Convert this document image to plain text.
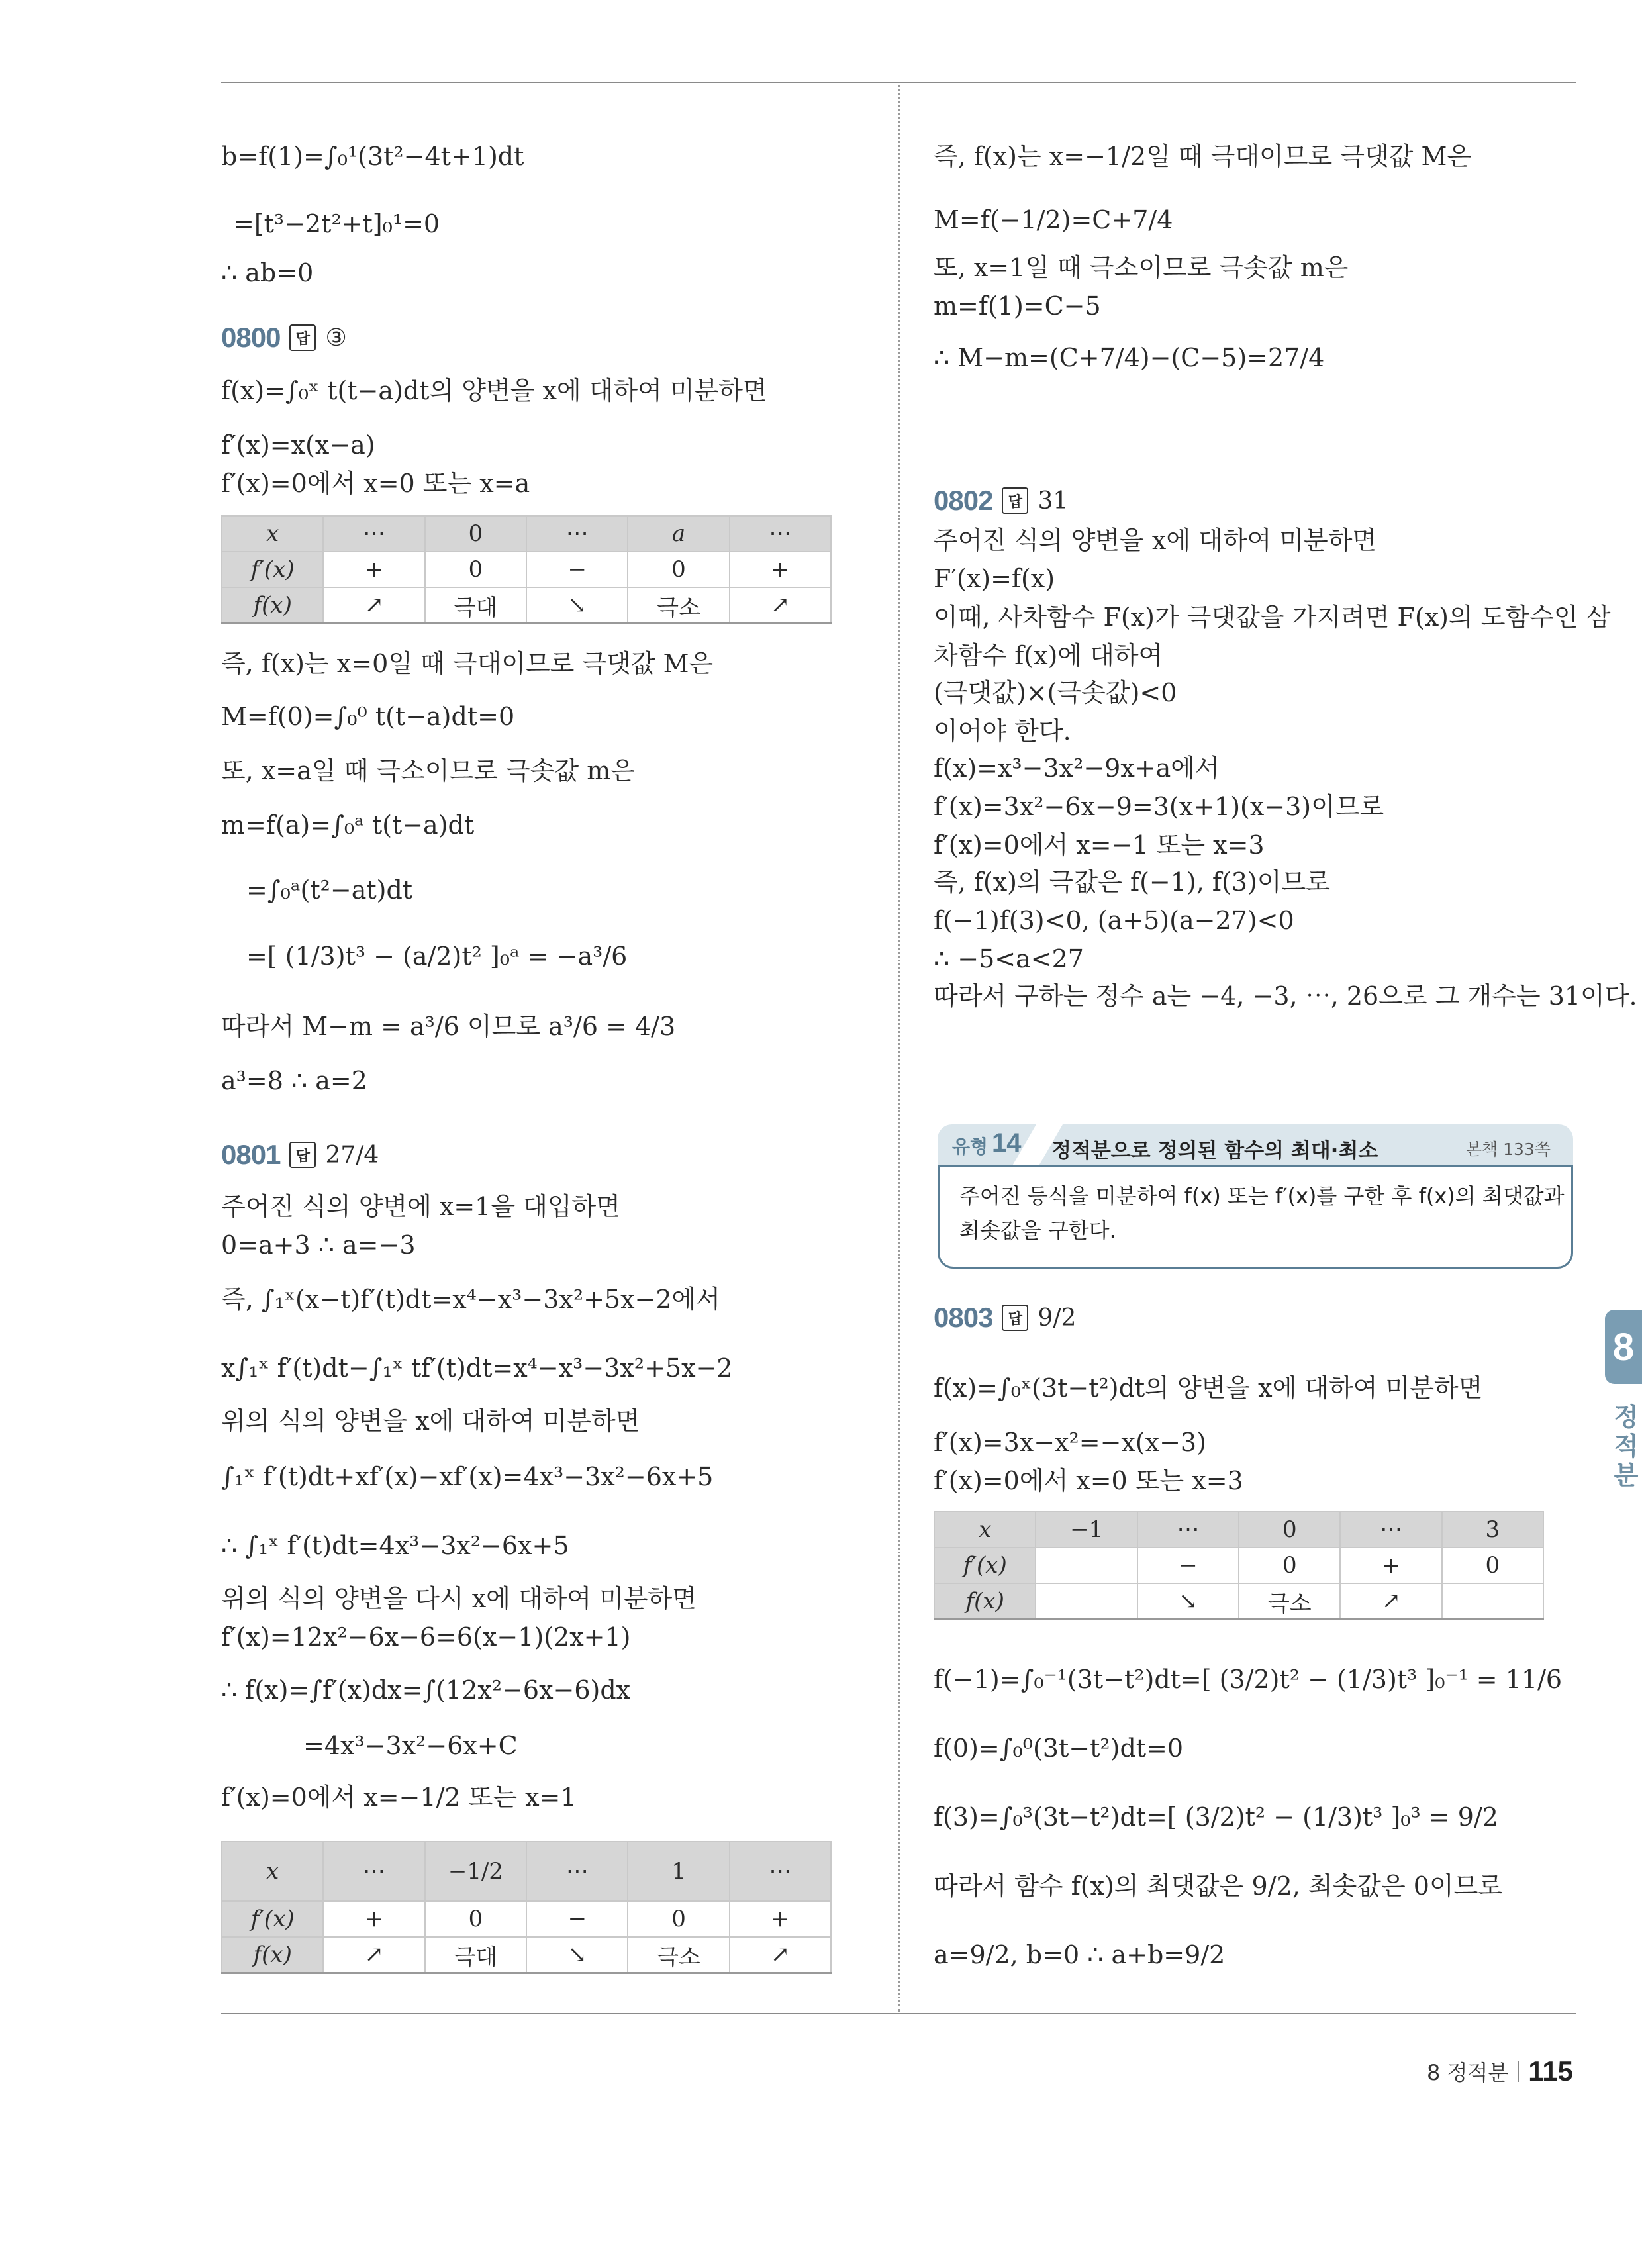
b=f(1)=∫₀¹(3t²−4t+1)dt
=[t³−2t²+t]₀¹=0
∴ ab=0
0800	답 ③
f(x)=∫₀ˣ t(t−a)dt의 양변을 x에 대하여 미분하면
f′(x)=x(x−a)
f′(x)=0에서 x=0 또는 x=a
x	⋯	0	⋯	a	⋯
f′(x)	+	0	−	0	+
f(x)	↗	극대	↘	극소	↗
즉, f(x)는 x=0일 때 극대이므로 극댓값 M은
M=f(0)=∫₀⁰ t(t−a)dt=0
또, x=a일 때 극소이므로 극솟값 m은
m=f(a)=∫₀ᵃ t(t−a)dt
=∫₀ᵃ(t²−at)dt
=[ (1/3)t³ − (a/2)t² ]₀ᵃ = −a³/6
따라서 M−m = a³/6 이므로 a³/6 = 4/3
a³=8 ∴ a=2
0801	답 27/4
주어진 식의 양변에 x=1을 대입하면
0=a+3 ∴ a=−3
즉, ∫₁ˣ(x−t)f′(t)dt=x⁴−x³−3x²+5x−2에서
x∫₁ˣ f′(t)dt−∫₁ˣ tf′(t)dt=x⁴−x³−3x²+5x−2
위의 식의 양변을 x에 대하여 미분하면
∫₁ˣ f′(t)dt+xf′(x)−xf′(x)=4x³−3x²−6x+5
∴ ∫₁ˣ f′(t)dt=4x³−3x²−6x+5
위의 식의 양변을 다시 x에 대하여 미분하면
f′(x)=12x²−6x−6=6(x−1)(2x+1)
∴ f(x)=∫f′(x)dx=∫(12x²−6x−6)dx
=4x³−3x²−6x+C
f′(x)=0에서 x=−1/2 또는 x=1
x	⋯	−1/2	⋯	1	⋯
f′(x)	+	0	−	0	+
f(x)	↗	극대	↘	극소	↗
즉, f(x)는 x=−1/2일 때 극대이므로 극댓값 M은
M=f(−1/2)=C+7/4
또, x=1일 때 극소이므로 극솟값 m은
m=f(1)=C−5
∴ M−m=(C+7/4)−(C−5)=27/4
0802	답 31
주어진 식의 양변을 x에 대하여 미분하면
F′(x)=f(x)
이때, 사차함수 F(x)가 극댓값을 가지려면 F(x)의 도함수인 삼
차함수 f(x)에 대하여
(극댓값)×(극솟값)<0
이어야 한다.
f(x)=x³−3x²−9x+a에서
f′(x)=3x²−6x−9=3(x+1)(x−3)이므로
f′(x)=0에서 x=−1 또는 x=3
즉, f(x)의 극값은 f(−1), f(3)이므로
f(−1)f(3)<0, (a+5)(a−27)<0
∴ −5<a<27
따라서 구하는 정수 a는 −4, −3, ⋯, 26으로 그 개수는 31이다.
유형 14 정적분으로 정의된 함수의 최대·최소	본책 133쪽
주어진 등식을 미분하여 f(x) 또는 f′(x)를 구한 후 f(x)의 최댓값과
최솟값을 구한다.
0803	답 9/2
f(x)=∫₀ˣ(3t−t²)dt의 양변을 x에 대하여 미분하면
f′(x)=3x−x²=−x(x−3)
f′(x)=0에서 x=0 또는 x=3
x	−1	⋯	0	⋯	3
f′(x)		−	0	+	0
f(x)		↘	극소	↗	
f(−1)=∫₀⁻¹(3t−t²)dt=[ (3/2)t² − (1/3)t³ ]₀⁻¹ = 11/6
f(0)=∫₀⁰(3t−t²)dt=0
f(3)=∫₀³(3t−t²)dt=[ (3/2)t² − (1/3)t³ ]₀³ = 9/2
따라서 함수 f(x)의 최댓값은 9/2, 최솟값은 0이므로
a=9/2, b=0 ∴ a+b=9/2
8
정적분
8 정적분 115
